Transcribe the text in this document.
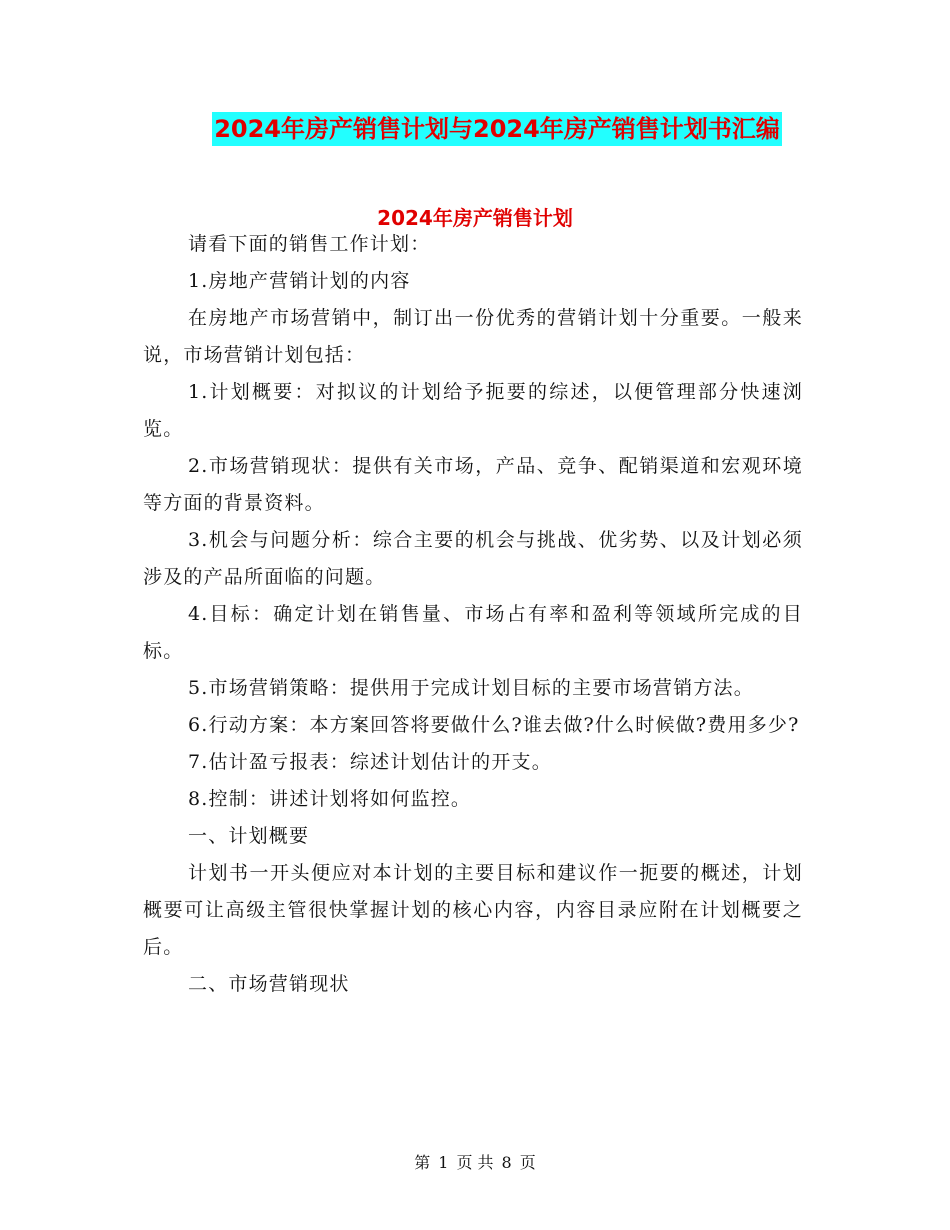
2024年房产销售计划与2024年房产销售计划书汇编
2024年房产销售计划

请看下面的销售工作计划：

1.房地产营销计划的内容

在房地产市场营销中，制订出一份优秀的营销计划十分重要。一般来说，市场营销计划包括：

1.计划概要：对拟议的计划给予扼要的综述，以便管理部分快速浏览。

2.市场营销现状：提供有关市场，产品、竞争、配销渠道和宏观环境等方面的背景资料。

3.机会与问题分析：综合主要的机会与挑战、优劣势、以及计划必须涉及的产品所面临的问题。

4.目标：确定计划在销售量、市场占有率和盈利等领域所完成的目标。

5.市场营销策略：提供用于完成计划目标的主要市场营销方法。

6.行动方案：本方案回答将要做什么?谁去做?什么时候做?费用多少?

7.估计盈亏报表：综述计划估计的开支。

8.控制：讲述计划将如何监控。

一、计划概要

计划书一开头便应对本计划的主要目标和建议作一扼要的概述，计划概要可让高级主管很快掌握计划的核心内容，内容目录应附在计划概要之后。

二、市场营销现状

第 1 页 共 8 页
